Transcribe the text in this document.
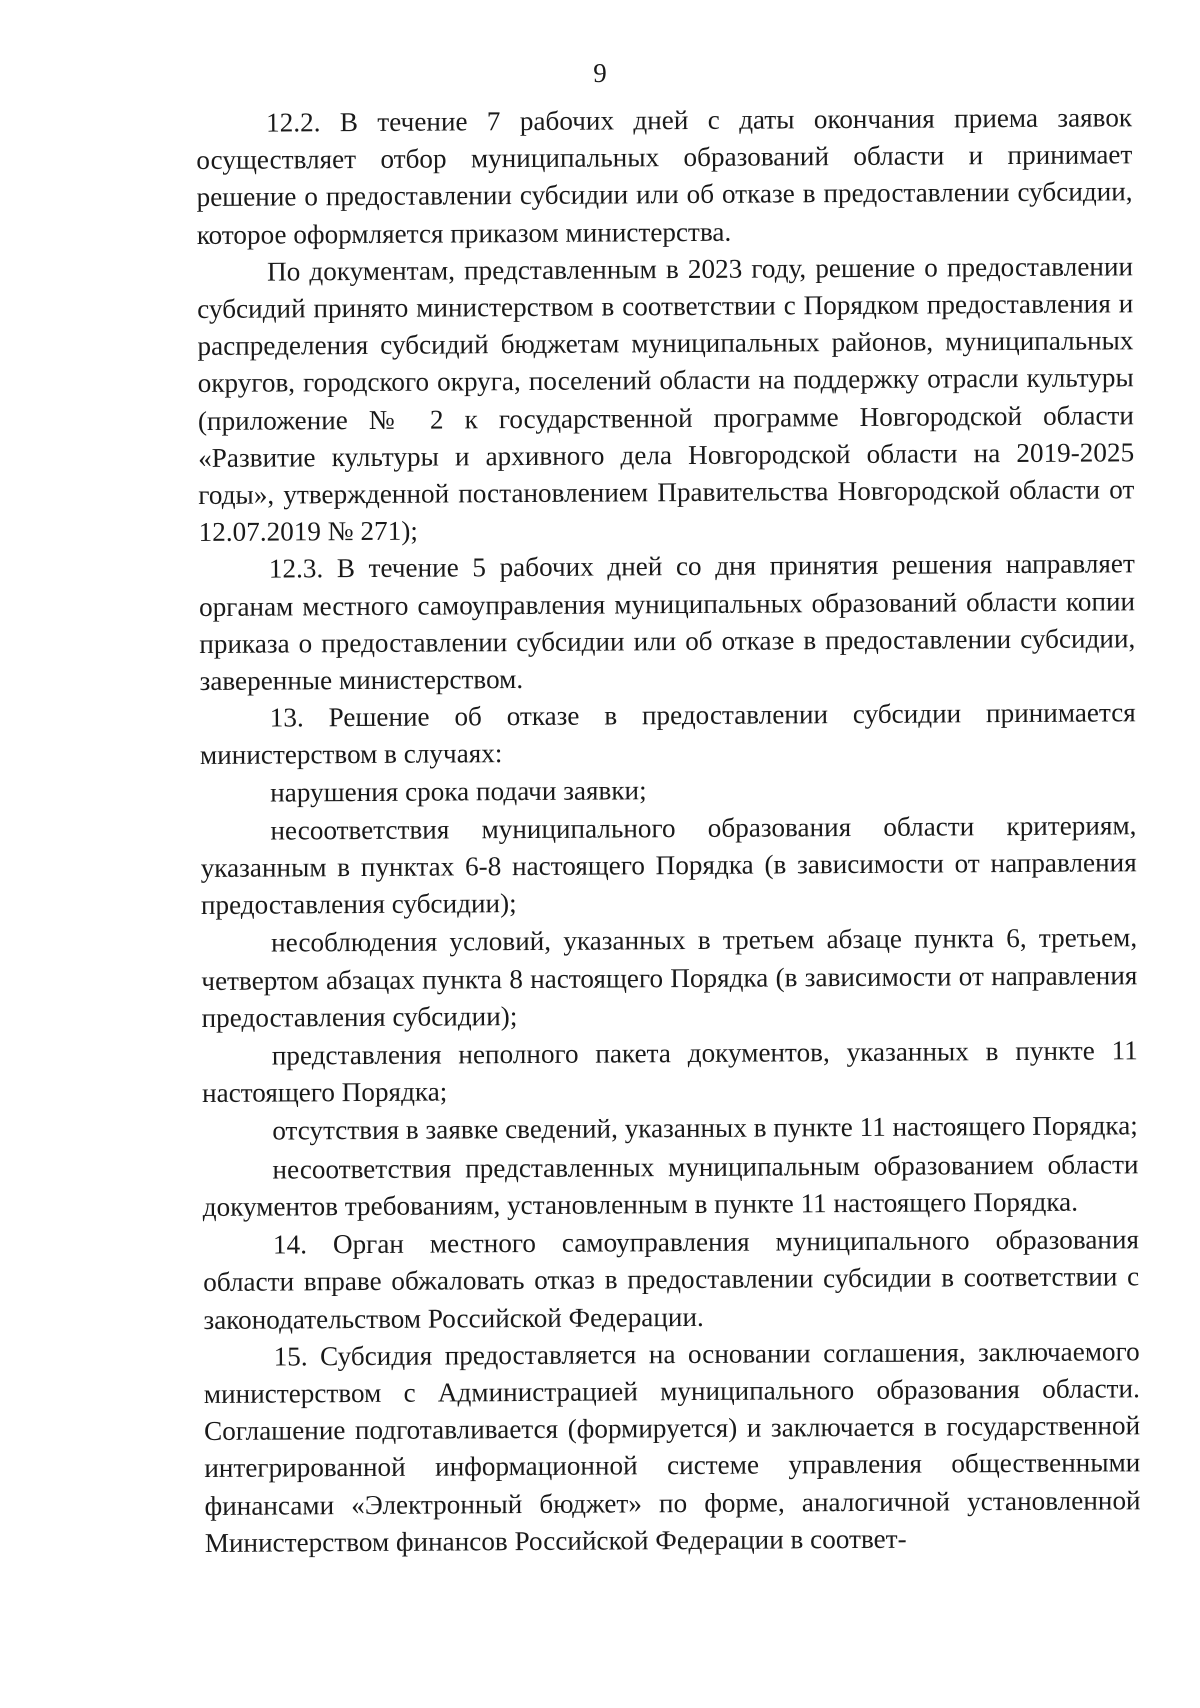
9

12.2. В течение 7 рабочих дней с даты окончания приема заявок осуществляет отбор муниципальных образований области и принимает решение о предоставлении субсидии или об отказе в предоставлении субсидии, которое оформляется приказом министерства.

По документам, представленным в 2023 году, решение о предоставлении субсидий принято министерством в соответствии с Порядком предоставления и распределения субсидий бюджетам муниципальных районов, муниципальных округов, городского округа, поселений области на поддержку отрасли культуры (приложение № 2 к государственной программе Новгородской области «Развитие культуры и архивного дела Новгородской области на 2019-2025 годы», утвержденной постановлением Правительства Новгородской области от 12.07.2019 № 271);

12.3. В течение 5 рабочих дней со дня принятия решения направляет органам местного самоуправления муниципальных образований области копии приказа о предоставлении субсидии или об отказе в предоставлении субсидии, заверенные министерством.

13. Решение об отказе в предоставлении субсидии принимается министерством в случаях:

нарушения срока подачи заявки;

несоответствия муниципального образования области критериям, указанным в пунктах 6-8 настоящего Порядка (в зависимости от направления предоставления субсидии);

несоблюдения условий, указанных в третьем абзаце пункта 6, третьем, четвертом абзацах пункта 8 настоящего Порядка (в зависимости от направления предоставления субсидии);

представления неполного пакета документов, указанных в пункте 11 настоящего Порядка;

отсутствия в заявке сведений, указанных в пункте 11 настоящего Порядка;

несоответствия представленных муниципальным образованием области документов требованиям, установленным в пункте 11 настоящего Порядка.

14. Орган местного самоуправления муниципального образования области вправе обжаловать отказ в предоставлении субсидии в соответствии с законодательством Российской Федерации.

15. Субсидия предоставляется на основании соглашения, заключаемого министерством с Администрацией муниципального образования области. Соглашение подготавливается (формируется) и заключается в государственной интегрированной информационной системе управления общественными финансами «Электронный бюджет» по форме, аналогичной установленной Министерством финансов Российской Федерации в соответ-
